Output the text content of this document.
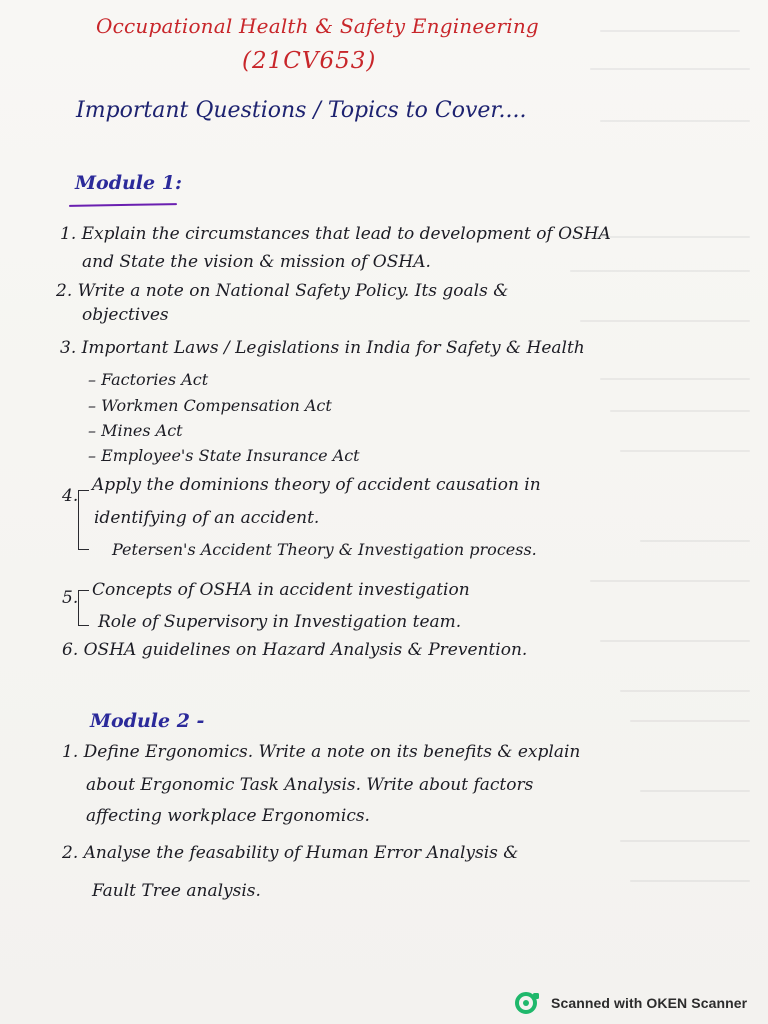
Occupational Health & Safety Engineering

(21CV653)

Important Questions / Topics to Cover....

Module 1:

1. Explain the circumstances that lead to development of OSHA

and State the vision & mission of OSHA.

2. Write a note on National Safety Policy. Its goals &

objectives

3. Important Laws / Legislations in India for Safety & Health

– Factories Act

– Workmen Compensation Act

– Mines Act

– Employee's State Insurance Act

4.

Apply the dominions theory of accident causation in

identifying of an accident.

Petersen's Accident Theory & Investigation process.

5. Concepts of OSHA in accident investigation

Role of Supervisory in Investigation team.

6. OSHA guidelines on Hazard Analysis & Prevention.

Module 2 -

1. Define Ergonomics. Write a note on its benefits & explain

about Ergonomic Task Analysis. Write about factors

affecting workplace Ergonomics.

2. Analyse the feasability of Human Error Analysis &

Fault Tree analysis.

Scanned with OKEN Scanner
